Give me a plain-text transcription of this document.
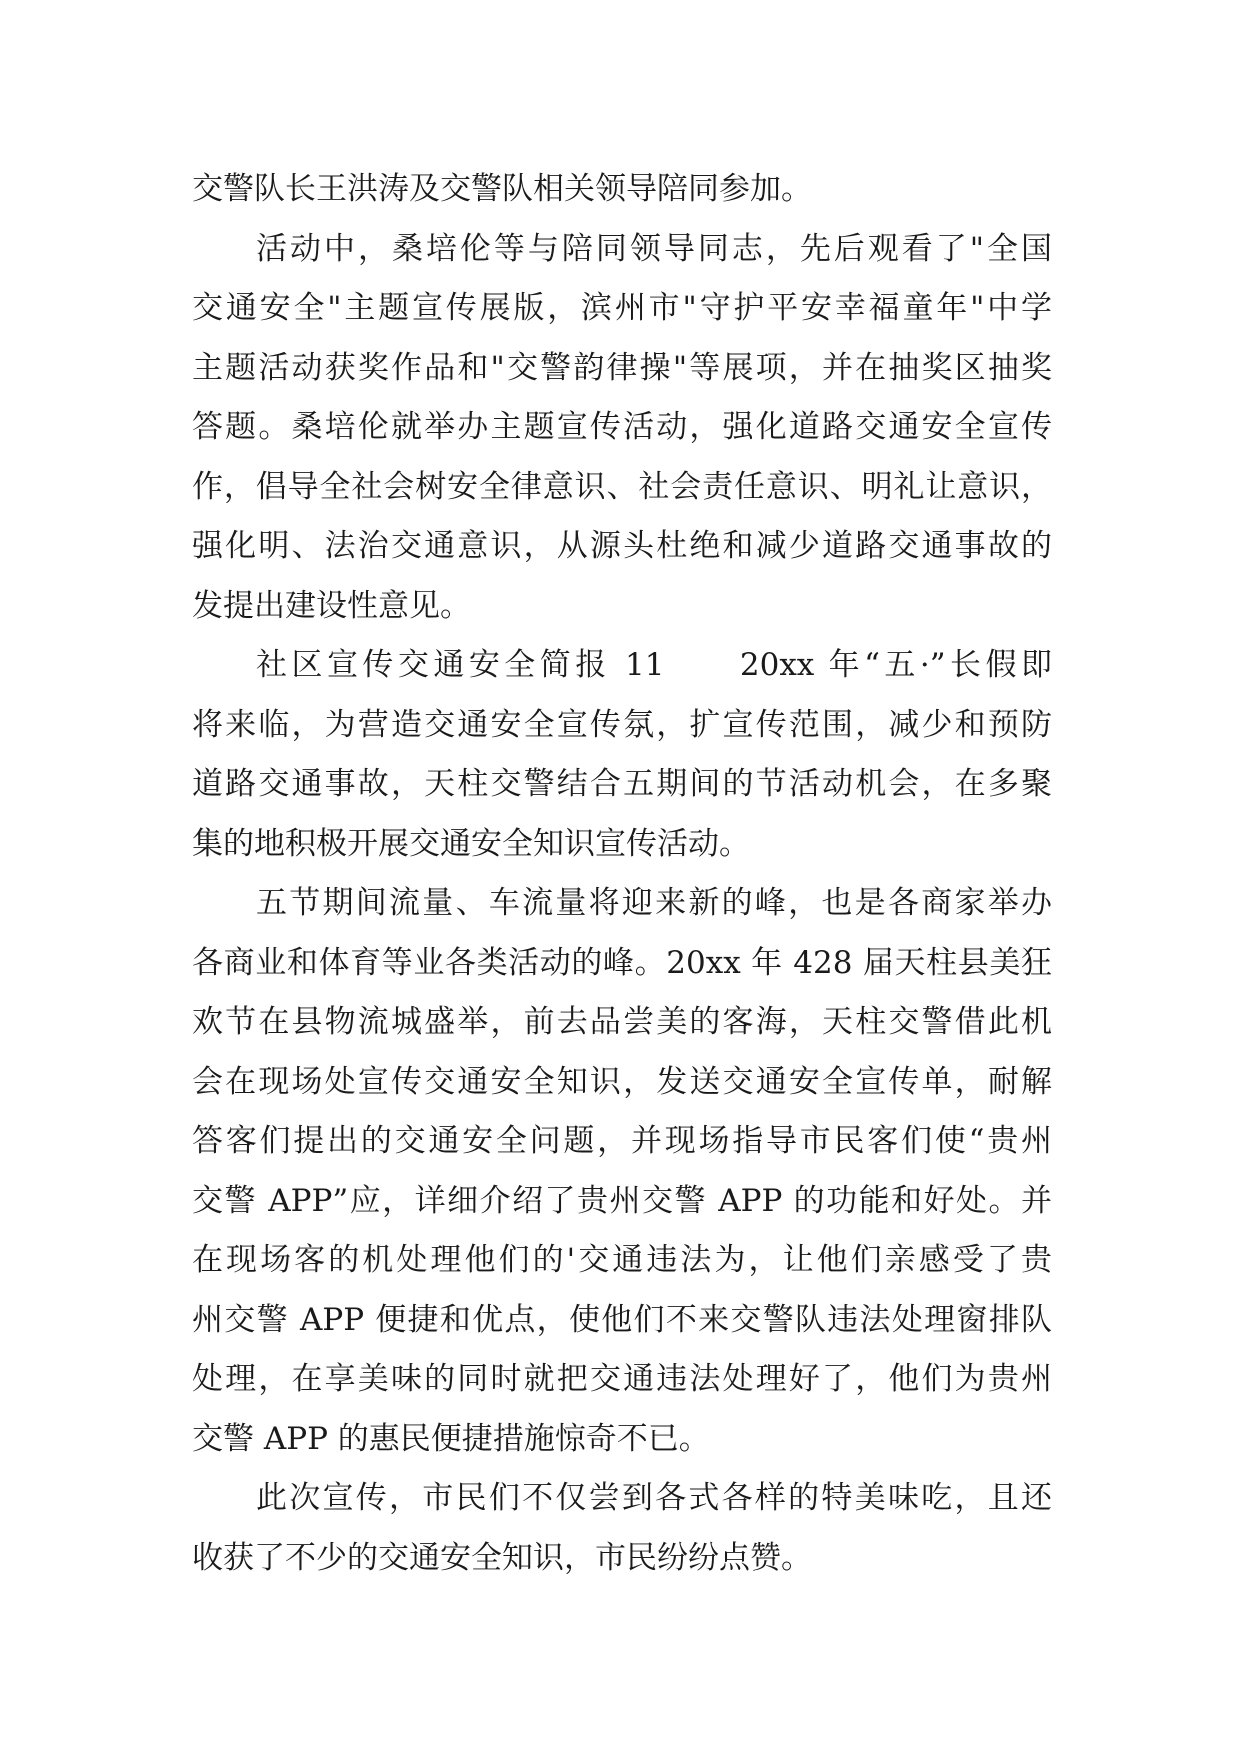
交警队长王洪涛及交警队相关领导陪同参加。
活动中，桑培伦等与陪同领导同志，先后观看了"全国
交通安全"主题宣传展版，滨州市"守护平安幸福童年"中学
主题活动获奖作品和"交警韵律操"等展项，并在抽奖区抽奖
答题。桑培伦就举办主题宣传活动，强化道路交通安全宣传
作，倡导全社会树安全律意识、社会责任意识、明礼让意识，
强化明、法治交通意识，从源头杜绝和减少道路交通事故的
发提出建设性意见。
社区宣传交通安全简报 11　　20xx 年“五·”长假即
将来临，为营造交通安全宣传氛，扩宣传范围，减少和预防
道路交通事故，天柱交警结合五期间的节活动机会，在多聚
集的地积极开展交通安全知识宣传活动。
五节期间流量、车流量将迎来新的峰，也是各商家举办
各商业和体育等业各类活动的峰。20xx 年 428 届天柱县美狂
欢节在县物流城盛举，前去品尝美的客海，天柱交警借此机
会在现场处宣传交通安全知识，发送交通安全宣传单，耐解
答客们提出的交通安全问题，并现场指导市民客们使“贵州
交警 APP”应，详细介绍了贵州交警 APP 的功能和好处。并
在现场客的机处理他们的'交通违法为，让他们亲感受了贵
州交警 APP 便捷和优点，使他们不来交警队违法处理窗排队
处理，在享美味的同时就把交通违法处理好了，他们为贵州
交警 APP 的惠民便捷措施惊奇不已。
此次宣传，市民们不仅尝到各式各样的特美味吃，且还
收获了不少的交通安全知识，市民纷纷点赞。
